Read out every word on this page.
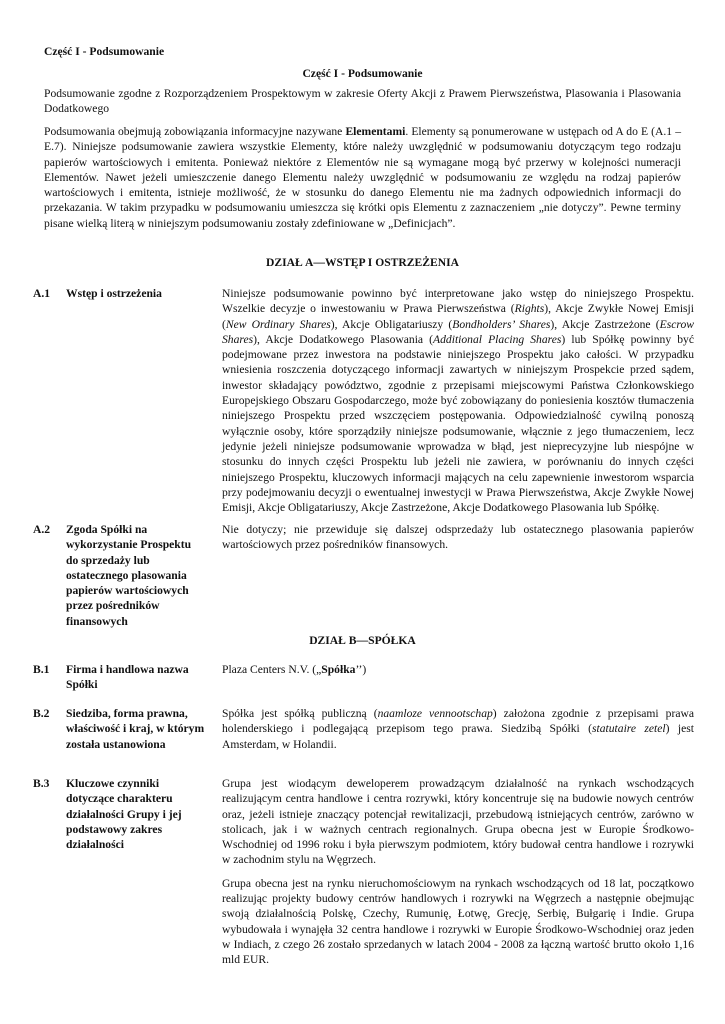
Część I - Podsumowanie
Część I - Podsumowanie
Podsumowanie zgodne z Rozporządzeniem Prospektowym w zakresie Oferty Akcji z Prawem Pierwszeństwa, Plasowania i Plasowania Dodatkowego
Podsumowania obejmują zobowiązania informacyjne nazywane Elementami. Elementy są ponumerowane w ustępach od A do E (A.1 – E.7). Niniejsze podsumowanie zawiera wszystkie Elementy, które należy uwzględnić w podsumowaniu dotyczącym tego rodzaju papierów wartościowych i emitenta. Ponieważ niektóre z Elementów nie są wymagane mogą być przerwy w kolejności numeracji Elementów. Nawet jeżeli umieszczenie danego Elementu należy uwzględnić w podsumowaniu ze względu na rodzaj papierów wartościowych i emitenta, istnieje możliwość, że w stosunku do danego Elementu nie ma żadnych odpowiednich informacji do przekazania. W takim przypadku w podsumowaniu umieszcza się krótki opis Elementu z zaznaczeniem „nie dotyczy”. Pewne terminy pisane wielką literą w niniejszym podsumowaniu zostały zdefiniowane w „Definicjach”.
DZIAŁ A—WSTĘP I OSTRZEŻENIA
A.1 Wstęp i ostrzeżenia	Niniejsze podsumowanie powinno być interpretowane jako wstęp do niniejszego Prospektu. Wszelkie decyzje o inwestowaniu w Prawa Pierwszeństwa (Rights), Akcje Zwykłe Nowej Emisji (New Ordinary Shares), Akcje Obligatariuszy (Bondholders’ Shares), Akcje Zastrzeżone (Escrow Shares), Akcje Dodatkowego Plasowania (Additional Placing Shares) lub Spółkę powinny być podejmowane przez inwestora na podstawie niniejszego Prospektu jako całości. W przypadku wniesienia roszczenia dotyczącego informacji zawartych w niniejszym Prospekcie przed sądem, inwestor składający powództwo, zgodnie z przepisami miejscowymi Państwa Członkowskiego Europejskiego Obszaru Gospodarczego, może być zobowiązany do poniesienia kosztów tłumaczenia niniejszego Prospektu przed wszczęciem postępowania. Odpowiedzialność cywilną ponoszą wyłącznie osoby, które sporządziły niniejsze podsumowanie, włącznie z jego tłumaczeniem, lecz jedynie jeżeli niniejsze podsumowanie wprowadza w błąd, jest nieprecyzyjne lub niespójne w stosunku do innych części Prospektu lub jeżeli nie zawiera, w porównaniu do innych części niniejszego Prospektu, kluczowych informacji mających na celu zapewnienie inwestorom wsparcia przy podejmowaniu decyzji o ewentualnej inwestycji w Prawa Pierwszeństwa, Akcje Zwykłe Nowej Emisji, Akcje Obligatariuszy, Akcje Zastrzeżone, Akcje Dodatkowego Plasowania lub Spółkę.
A.2 Zgoda Spółki na wykorzystanie Prospektu do sprzedaży lub ostatecznego plasowania papierów wartościowych przez pośredników finansowych
Nie dotyczy; nie przewiduje się dalszej odsprzedaży lub ostatecznego plasowania papierów wartościowych przez pośredników finansowych.
DZIAŁ B—SPÓŁKA
B.1 Firma i handlowa nazwa Spółki
Plaza Centers N.V. („Spółka’’)
B.2 Siedziba, forma prawna, właściwość i kraj, w którym została ustanowiona
Spółka jest spółką publiczną (naamloze vennootschap) założona zgodnie z przepisami prawa holenderskiego i podlegającą przepisom tego prawa. Siedzibą Spółki (statutaire zetel) jest Amsterdam, w Holandii.
B.3 Kluczowe czynniki dotyczące charakteru działalności Grupy i jej podstawowy zakres działalności

Grupa jest wiodącym deweloperem prowadzącym działalność na rynkach wschodzących realizującym centra handlowe i centra rozrywki, który koncentruje się na budowie nowych centrów oraz, jeżeli istnieje znaczący potencjał rewitalizacji, przebudową istniejących centrów, zarówno w stolicach, jak i w ważnych centrach regionalnych. Grupa obecna jest w Europie Środkowo-Wschodniej od 1996 roku i była pierwszym podmiotem, który budował centra handlowe i rozrywki w zachodnim stylu na Węgrzech.

Grupa obecna jest na rynku nieruchomościowym na rynkach wschodzących od 18 lat, początkowo realizując projekty budowy centrów handlowych i rozrywki na Węgrzech a następnie obejmując swoją działalnością Polskę, Czechy, Rumunię, Łotwę, Grecję, Serbię, Bułgarię i Indie. Grupa wybudowała i wynajęła 32 centra handlowe i rozrywki w Europie Środkowo-Wschodniej oraz jeden w Indiach, z czego 26 zostało sprzedanych w latach 2004 - 2008 za łączną wartość brutto około 1,16 mld EUR.
